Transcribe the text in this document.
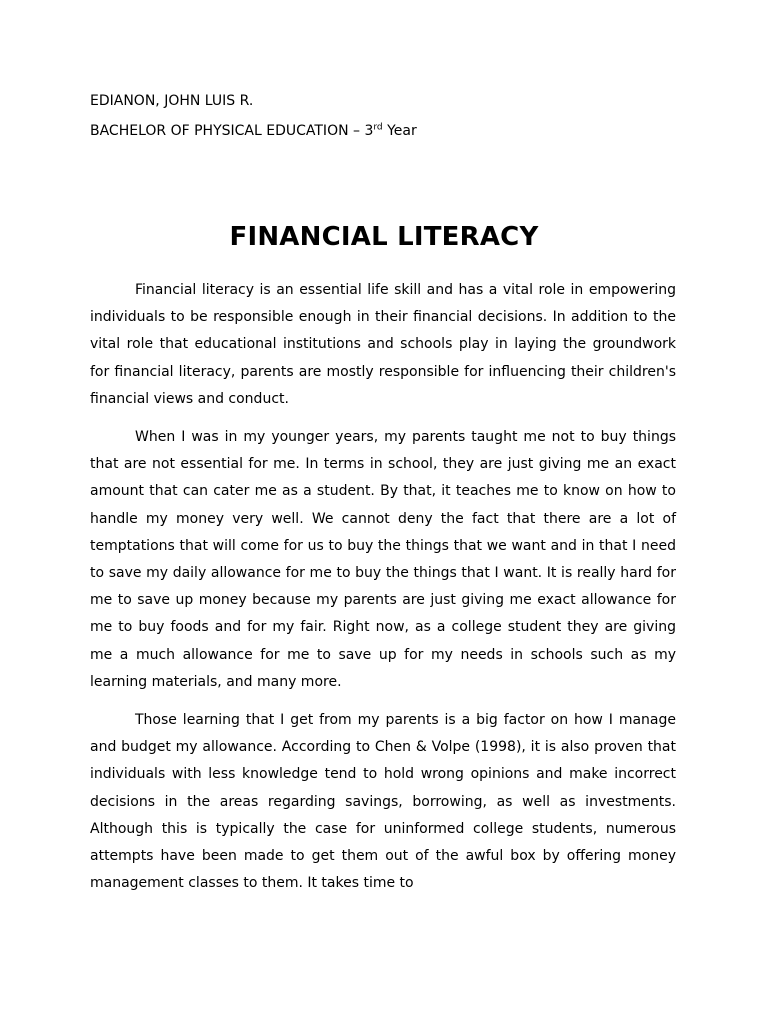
EDIANON, JOHN LUIS R.
BACHELOR OF PHYSICAL EDUCATION – 3rd Year
FINANCIAL LITERACY

Financial literacy is an essential life skill and has a vital role in empowering individuals to be responsible enough in their financial decisions. In addition to the vital role that educational institutions and schools play in laying the groundwork for financial literacy, parents are mostly responsible for influencing their children's financial views and conduct.

When I was in my younger years, my parents taught me not to buy things that are not essential for me. In terms in school, they are just giving me an exact amount that can cater me as a student. By that, it teaches me to know on how to handle my money very well. We cannot deny the fact that there are a lot of temptations that will come for us to buy the things that we want and in that I need to save my daily allowance for me to buy the things that I want. It is really hard for me to save up money because my parents are just giving me exact allowance for me to buy foods and for my fair. Right now, as a college student they are giving me a much allowance for me to save up for my needs in schools such as my learning materials, and many more.

Those learning that I get from my parents is a big factor on how I manage and budget my allowance. According to Chen & Volpe (1998), it is also proven that individuals with less knowledge tend to hold wrong opinions and make incorrect decisions in the areas regarding savings, borrowing, as well as investments. Although this is typically the case for uninformed college students, numerous attempts have been made to get them out of the awful box by offering money management classes to them. It takes time to
